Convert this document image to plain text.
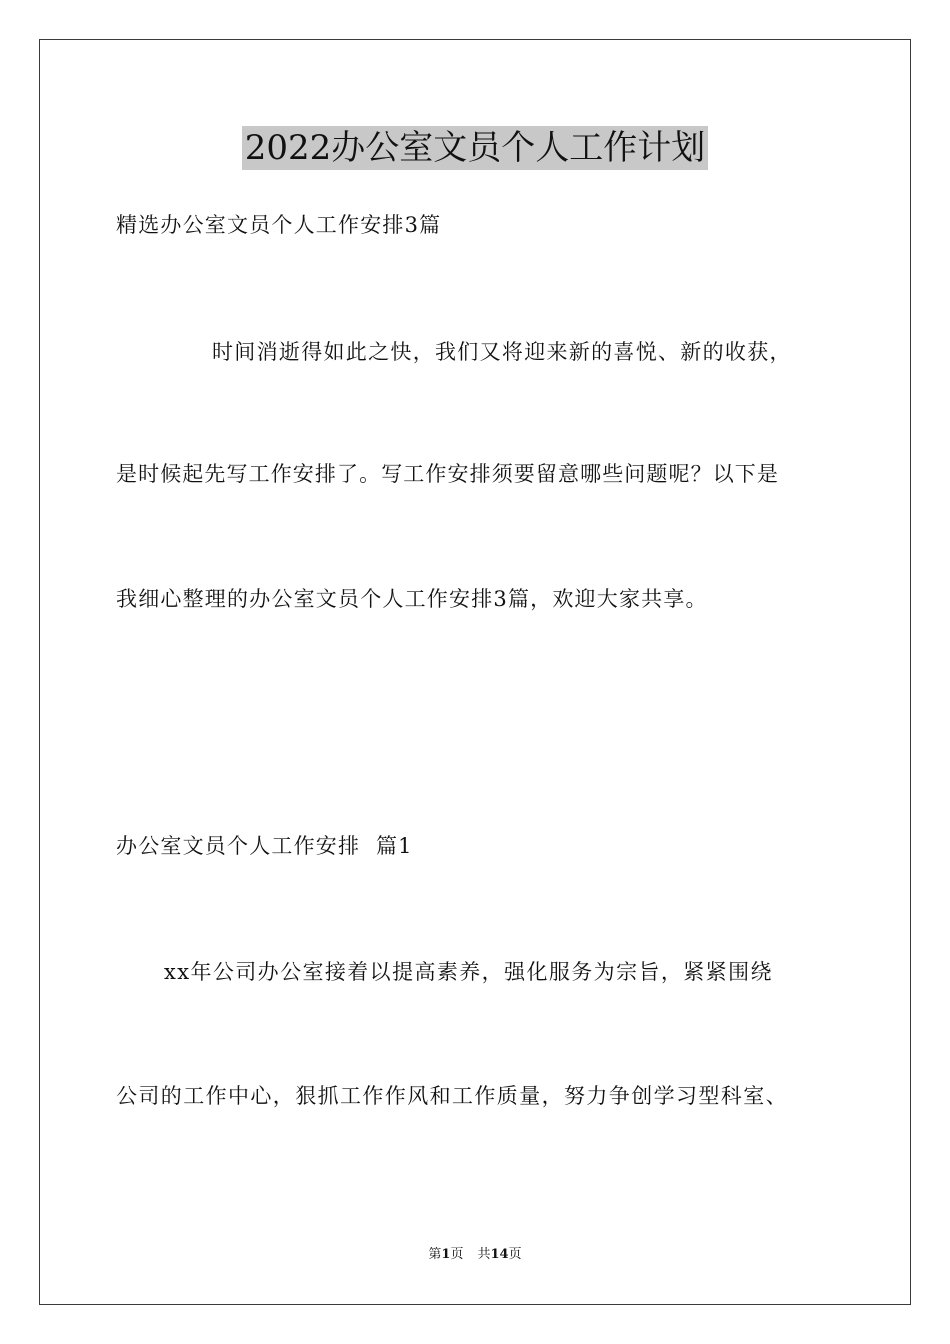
2022办公室文员个人工作计划
精选办公室文员个人工作安排3篇
时间消逝得如此之快，我们又将迎来新的喜悦、新的收获，
是时候起先写工作安排了。写工作安排须要留意哪些问题呢？以下是
我细心整理的办公室文员个人工作安排3篇，欢迎大家共享。
办公室文员个人工作安排  篇1
xx年公司办公室接着以提高素养，强化服务为宗旨，紧紧围绕
公司的工作中心，狠抓工作作风和工作质量，努力争创学习型科室、
第1页 共14页
